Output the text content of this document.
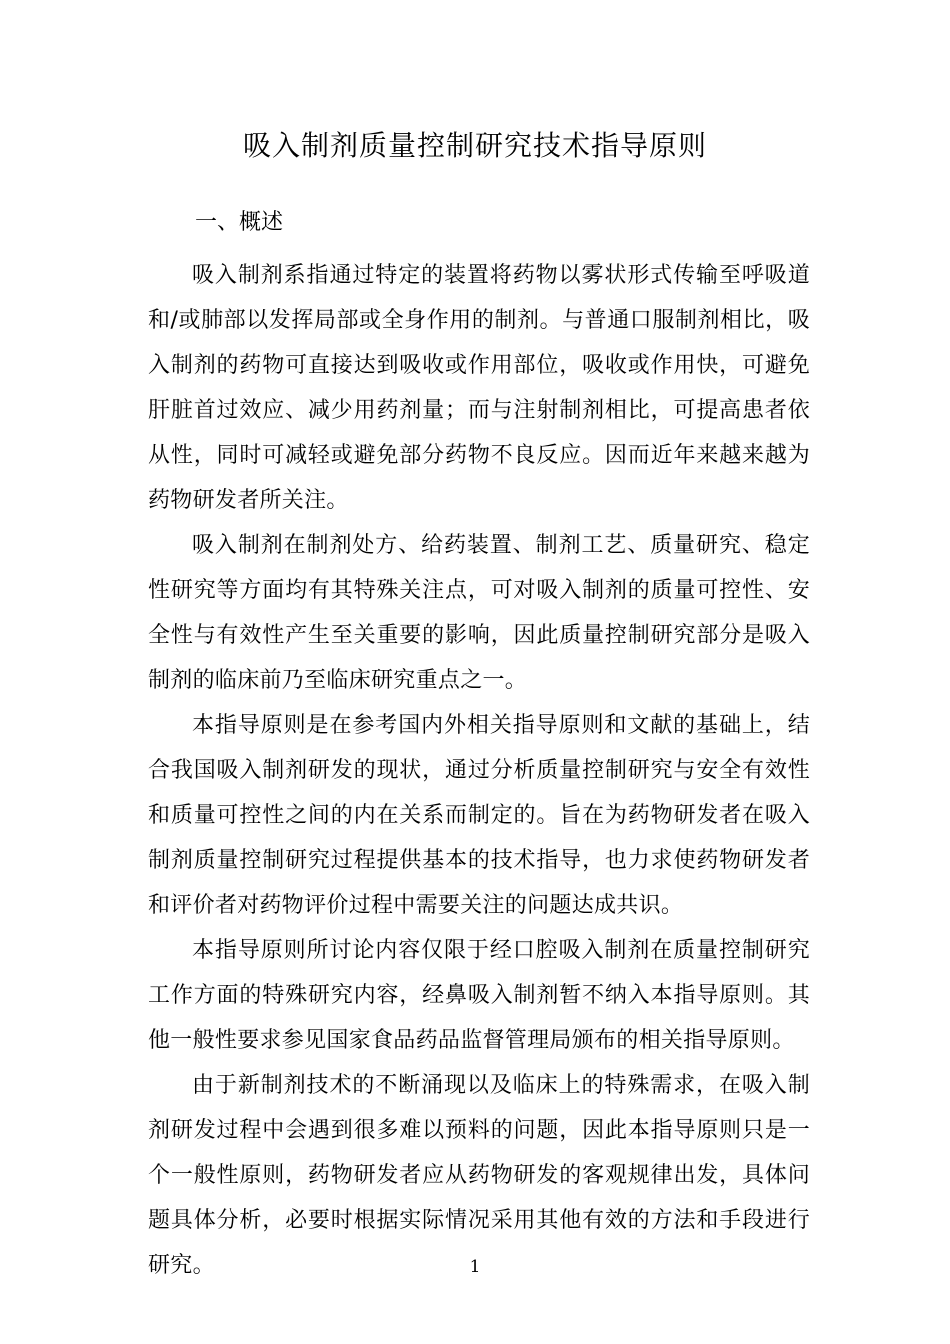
吸入制剂质量控制研究技术指导原则
一、概述

吸入制剂系指通过特定的装置将药物以雾状形式传输至呼吸道和/或肺部以发挥局部或全身作用的制剂。与普通口服制剂相比，吸入制剂的药物可直接达到吸收或作用部位，吸收或作用快，可避免肝脏首过效应、减少用药剂量；而与注射制剂相比，可提高患者依从性，同时可减轻或避免部分药物不良反应。因而近年来越来越为药物研发者所关注。

吸入制剂在制剂处方、给药装置、制剂工艺、质量研究、稳定性研究等方面均有其特殊关注点，可对吸入制剂的质量可控性、安全性与有效性产生至关重要的影响，因此质量控制研究部分是吸入制剂的临床前乃至临床研究重点之一。

本指导原则是在参考国内外相关指导原则和文献的基础上，结合我国吸入制剂研发的现状，通过分析质量控制研究与安全有效性和质量可控性之间的内在关系而制定的。旨在为药物研发者在吸入制剂质量控制研究过程提供基本的技术指导，也力求使药物研发者和评价者对药物评价过程中需要关注的问题达成共识。

本指导原则所讨论内容仅限于经口腔吸入制剂在质量控制研究工作方面的特殊研究内容，经鼻吸入制剂暂不纳入本指导原则。其他一般性要求参见国家食品药品监督管理局颁布的相关指导原则。

由于新制剂技术的不断涌现以及临床上的特殊需求，在吸入制剂研发过程中会遇到很多难以预料的问题，因此本指导原则只是一个一般性原则，药物研发者应从药物研发的客观规律出发，具体问题具体分析，必要时根据实际情况采用其他有效的方法和手段进行研究。	1
